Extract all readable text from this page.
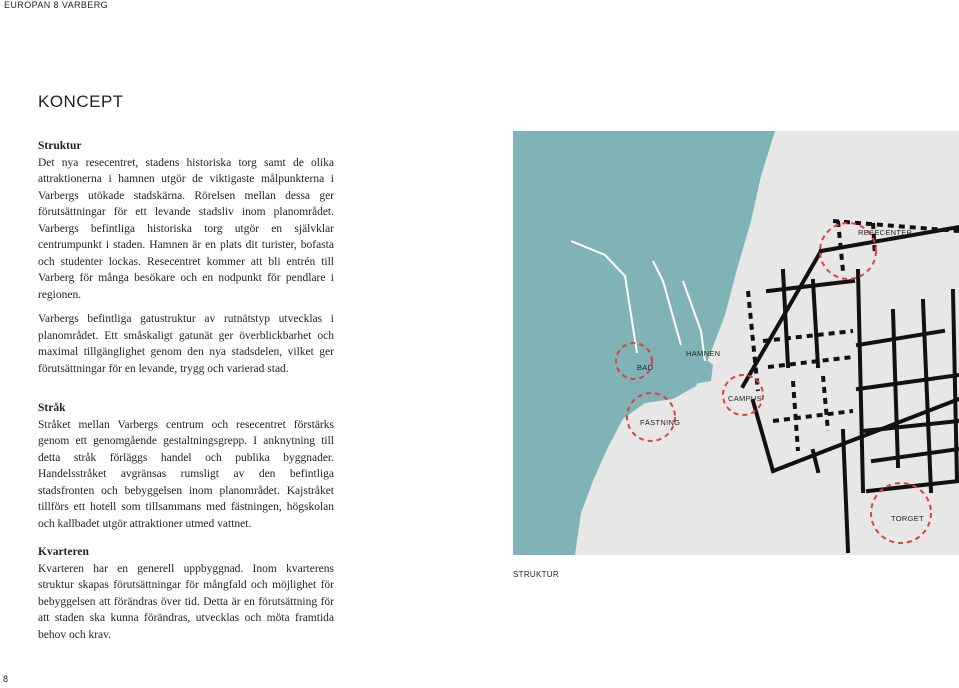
EUROPAN 8 VARBERG
KONCEPT
Struktur

Det nya resecentret, stadens historiska torg samt de olika attraktionerna i hamnen utgör de viktigaste målpunkterna i Varbergs utökade stadskärna. Rörelsen mellan dessa ger förutsättningar för ett levande stadsliv inom planområdet. Varbergs befintliga historiska torg utgör en självklar centrumpunkt i staden. Hamnen är en plats dit turister, bofasta och studenter lockas. Resecentret kommer att bli entrén till Varberg för många besökare och en nodpunkt för pendlare i regionen.

Varbergs befintliga gatustruktur av rutnätstyp utvecklas i planområdet. Ett småskaligt gatunät ger överblickbarhet och maximal tillgänglighet genom den nya stadsdelen, vilket ger förutsättningar för en levande, trygg och varierad stad.

Stråk

Stråket mellan Varbergs centrum och resecentret förstärks genom ett genomgående gestaltningsgrepp. I anknytning till detta stråk förläggs handel och publika byggnader. Handelsstråket avgränsas rumsligt av den befintliga stadsfronten och bebyggelsen inom planområdet. Kajstråket tillförs ett hotell som tillsammans med fästningen, högskolan och kallbadet utgör attraktioner utmed vattnet.

Kvarteren

Kvarteren har en generell uppbyggnad. Inom kvarterens struktur skapas förutsättningar för mångfald och möjlighet för bebyggelsen att förändras över tid. Detta är en förutsättning för att staden ska kunna förändras, utvecklas och möta framtida behov och krav.

RESECENTER
HAMNEN
BAD
CAMPUS
FÄSTNING
TORGET
STRUKTUR
8
